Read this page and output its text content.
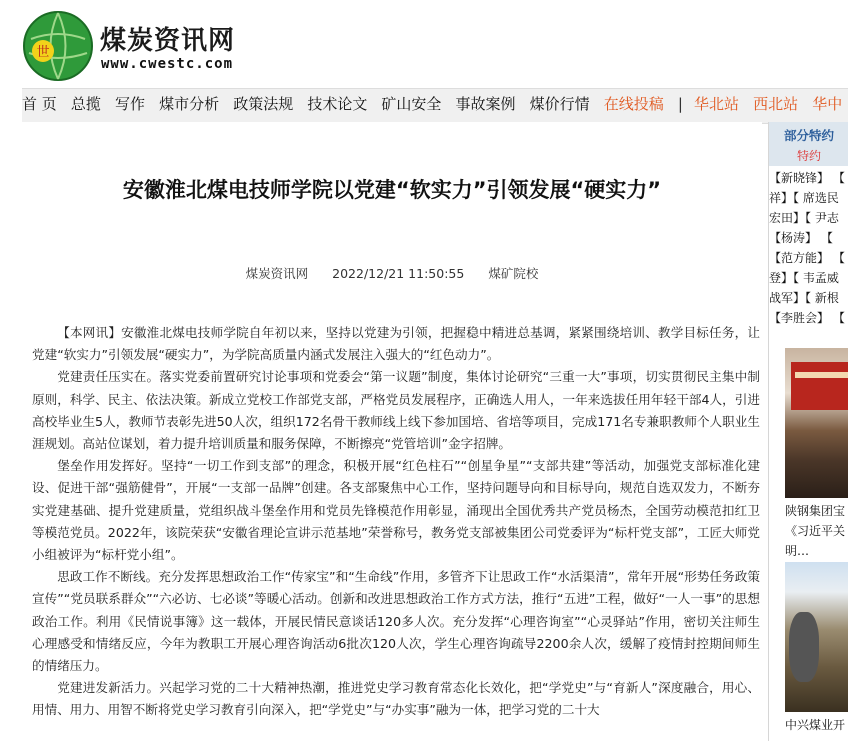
世 煤炭资讯网
www.cwestc.com
首 页 总揽 写作 煤市分析 政策法规 技术论文 矿山安全 事故案例 煤价行情 在线投稿 | 华北站 西北站 华中
安徽淮北煤电技师学院以党建“软实力”引领发展“硬实力”
煤炭资讯网 2022/12/21 11:50:55 煤矿院校

【本网讯】安徽淮北煤电技师学院自年初以来，坚持以党建为引领，把握稳中精进总基调，紧紧围绕培训、教学目标任务，让党建“软实力”引领发展“硬实力”，为学院高质量内涵式发展注入强大的“红色动力”。

党建责任压实在。落实党委前置研究讨论事项和党委会“第一议题”制度，集体讨论研究“三重一大”事项，切实贯彻民主集中制原则，科学、民主、依法决策。新成立党校工作部党支部，严格党员发展程序，正确选人用人，一年来选拔任用年轻干部4人，引进高校毕业生5人，教师节表彰先进50人次，组织172名骨干教师线上线下参加国培、省培等项目，完成171名专兼职教师个人职业生涯规划。高站位谋划，着力提升培训质量和服务保障，不断擦亮“党管培训”金字招牌。

堡垒作用发挥好。坚持“一切工作到支部”的理念，积极开展“红色柱石”“创星争星”“支部共建”等活动，加强党支部标准化建设、促进干部“强筋健骨”，开展“一支部一品牌”创建。各支部聚焦中心工作，坚持问题导向和目标导向，规范自选双发力，不断夯实党建基础、提升党建质量，党组织战斗堡垒作用和党员先锋模范作用彰显，涌现出全国优秀共产党员杨杰，全国劳动模范扣红卫等模范党员。2022年，该院荣获“安徽省理论宣讲示范基地”荣誉称号，教务党支部被集团公司党委评为“标杆党支部”，工匠大师党小组被评为“标杆党小组”。

思政工作不断线。充分发挥思想政治工作“传家宝”和“生命线”作用，多管齐下让思政工作“水活渠清”，常年开展“形势任务政策宣传”“党员联系群众”“六必访、七必谈”等暖心活动。创新和改进思想政治工作方式方法，推行“五进”工程，做好“一人一事”的思想政治工作。利用《民情说事簿》这一载体，开展民情民意谈话120多人次。充分发挥“心理咨询室”“心灵驿站”作用，密切关注师生心理感受和情绪反应，今年为教职工开展心理咨询活动6批次120人次，学生心理咨询疏导2200余人次，缓解了疫情封控期间师生的情绪压力。

党建进发新活力。兴起学习党的二十大精神热潮，推进党史学习教育常态化长效化，把“学党史”与“育新人”深度融合，用心、用情、用力、用智不断将党史学习教育引向深入，把“学党史”与“办实事”融为一体，把学习党的二十大

部分特约
特约
【新晓锋】 【
祥】【 席选民
宏田】【 尹志
【杨涛】 【
【范方能】 【
登】【 韦孟威
战军】【 新根
【李胜会】 【
陕钢集团宝
《习近平关
明…
中兴煤业开
